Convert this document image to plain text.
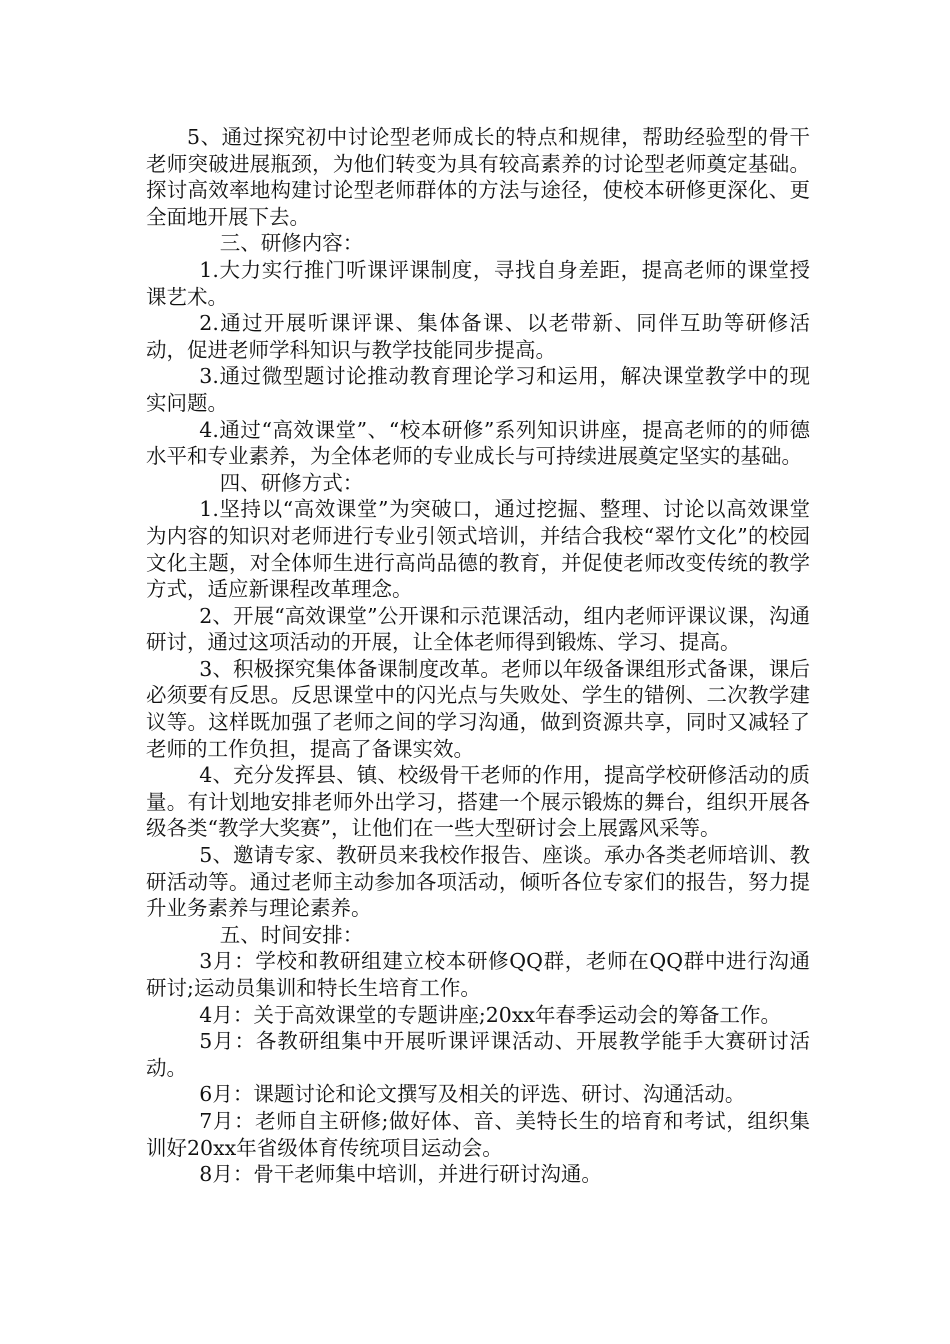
5、通过探究初中讨论型老师成长的特点和规律，帮助经验型的骨干老师突破进展瓶颈，为他们转变为具有较高素养的讨论型老师奠定基础。探讨高效率地构建讨论型老师群体的方法与途径，使校本研修更深化、更全面地开展下去。

三、研修内容：

1.大力实行推门听课评课制度，寻找自身差距，提高老师的课堂授课艺术。

2.通过开展听课评课、集体备课、以老带新、同伴互助等研修活动，促进老师学科知识与教学技能同步提高。

3.通过微型题讨论推动教育理论学习和运用，解决课堂教学中的现实问题。

4.通过“高效课堂”、“校本研修”系列知识讲座，提高老师的的师德水平和专业素养，为全体老师的专业成长与可持续进展奠定坚实的基础。

四、研修方式：

1.坚持以“高效课堂”为突破口，通过挖掘、整理、讨论以高效课堂为内容的知识对老师进行专业引领式培训，并结合我校“翠竹文化”的校园文化主题，对全体师生进行高尚品德的教育，并促使老师改变传统的教学方式，适应新课程改革理念。

2、开展“高效课堂”公开课和示范课活动，组内老师评课议课，沟通研讨，通过这项活动的开展，让全体老师得到锻炼、学习、提高。

3、积极探究集体备课制度改革。老师以年级备课组形式备课，课后必须要有反思。反思课堂中的闪光点与失败处、学生的错例、二次教学建议等。这样既加强了老师之间的学习沟通，做到资源共享，同时又减轻了老师的工作负担，提高了备课实效。

4、充分发挥县、镇、校级骨干老师的作用，提高学校研修活动的质量。有计划地安排老师外出学习，搭建一个展示锻炼的舞台，组织开展各级各类“教学大奖赛”，让他们在一些大型研讨会上展露风采等。

5、邀请专家、教研员来我校作报告、座谈。承办各类老师培训、教研活动等。通过老师主动参加各项活动，倾听各位专家们的报告，努力提升业务素养与理论素养。

五、时间安排：

3月：学校和教研组建立校本研修QQ群，老师在QQ群中进行沟通研讨;运动员集训和特长生培育工作。

4月：关于高效课堂的专题讲座;20xx年春季运动会的筹备工作。

5月：各教研组集中开展听课评课活动、开展教学能手大赛研讨活动。

6月：课题讨论和论文撰写及相关的评选、研讨、沟通活动。

7月：老师自主研修;做好体、音、美特长生的培育和考试，组织集训好20xx年省级体育传统项目运动会。

8月：骨干老师集中培训，并进行研讨沟通。
